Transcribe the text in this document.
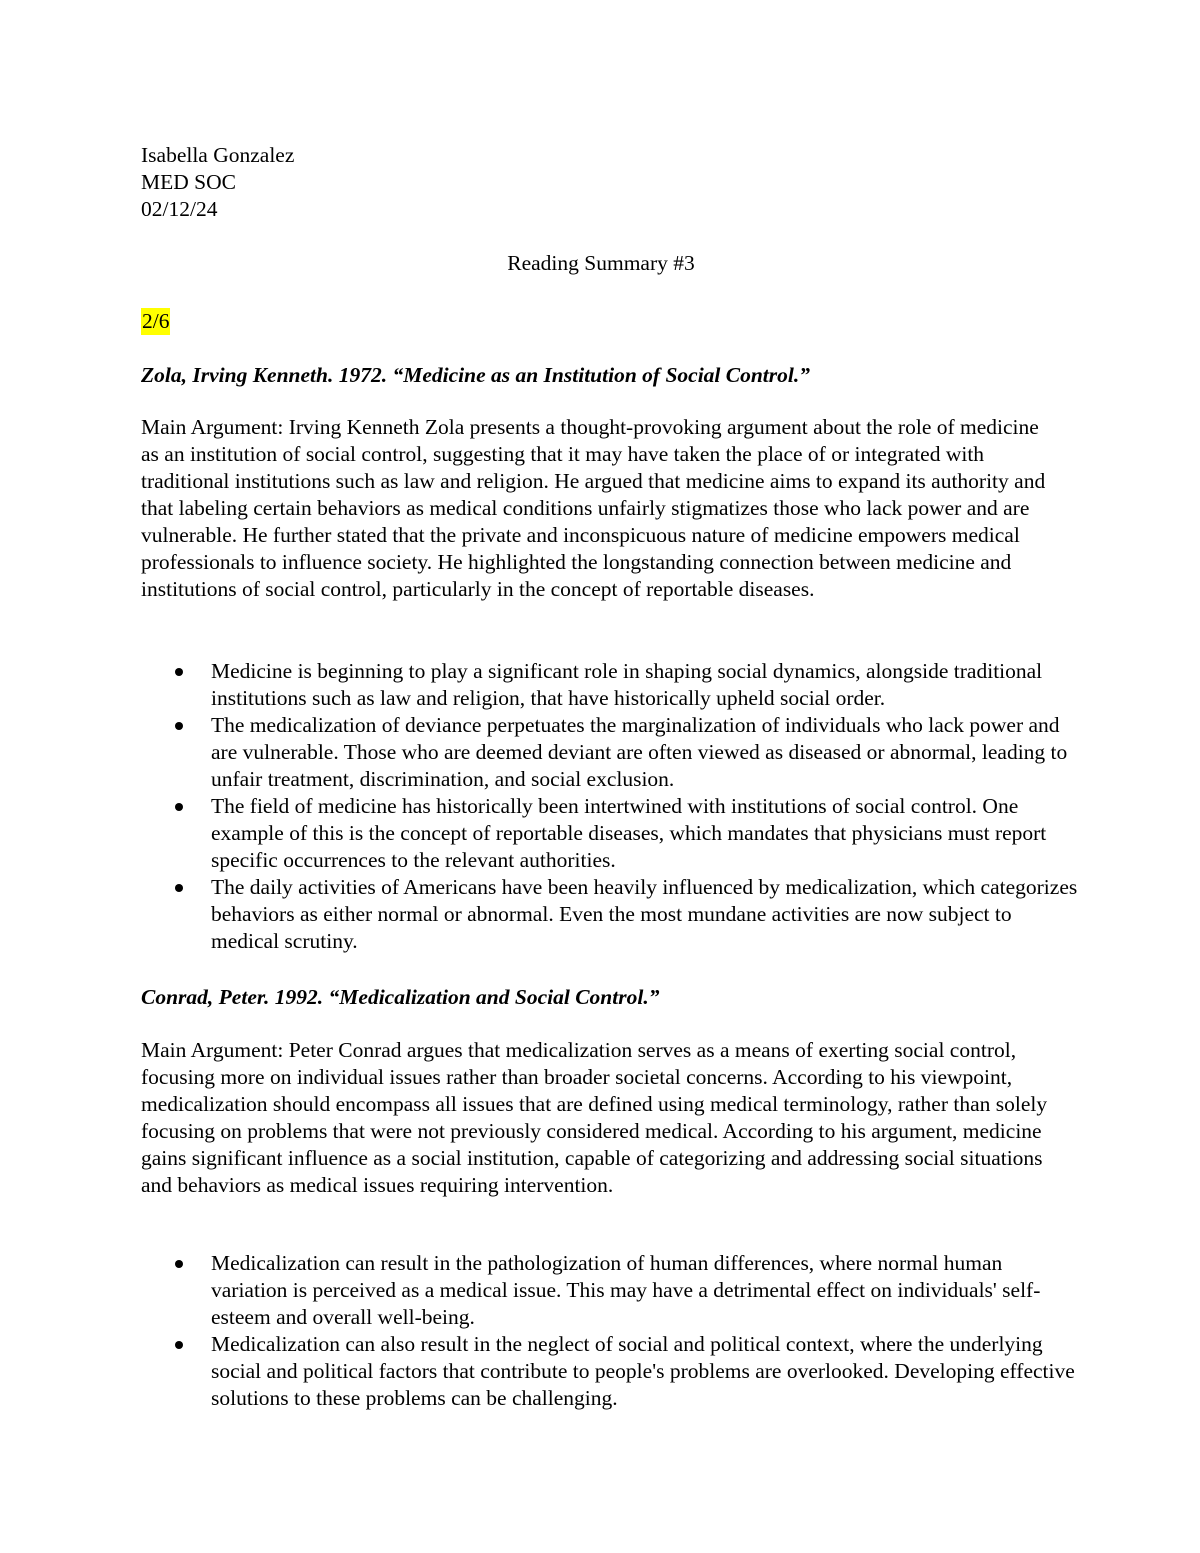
Isabella Gonzalez

MED SOC

02/12/24

Reading Summary #3

2/6
Zola, Irving Kenneth. 1972. “Medicine as an Institution of Social Control.”

Main Argument: Irving Kenneth Zola presents a thought-provoking argument about the role of medicine as an institution of social control, suggesting that it may have taken the place of or integrated with traditional institutions such as law and religion. He argued that medicine aims to expand its authority and that labeling certain behaviors as medical conditions unfairly stigmatizes those who lack power and are vulnerable. He further stated that the private and inconspicuous nature of medicine empowers medical professionals to influence society. He highlighted the longstanding connection between medicine and institutions of social control, particularly in the concept of reportable diseases.

Medicine is beginning to play a significant role in shaping social dynamics, alongside traditional institutions such as law and religion, that have historically upheld social order.
The medicalization of deviance perpetuates the marginalization of individuals who lack power and are vulnerable. Those who are deemed deviant are often viewed as diseased or abnormal, leading to unfair treatment, discrimination, and social exclusion.
The field of medicine has historically been intertwined with institutions of social control. One example of this is the concept of reportable diseases, which mandates that physicians must report specific occurrences to the relevant authorities.
The daily activities of Americans have been heavily influenced by medicalization, which categorizes behaviors as either normal or abnormal. Even the most mundane activities are now subject to medical scrutiny.
Conrad, Peter. 1992. “Medicalization and Social Control.”

Main Argument: Peter Conrad argues that medicalization serves as a means of exerting social control, focusing more on individual issues rather than broader societal concerns. According to his viewpoint, medicalization should encompass all issues that are defined using medical terminology, rather than solely focusing on problems that were not previously considered medical. According to his argument, medicine gains significant influence as a social institution, capable of categorizing and addressing social situations and behaviors as medical issues requiring intervention.

Medicalization can result in the pathologization of human differences, where normal human variation is perceived as a medical issue. This may have a detrimental effect on individuals' self-esteem and overall well-being.
Medicalization can also result in the neglect of social and political context, where the underlying social and political factors that contribute to people's problems are overlooked. Developing effective solutions to these problems can be challenging.
